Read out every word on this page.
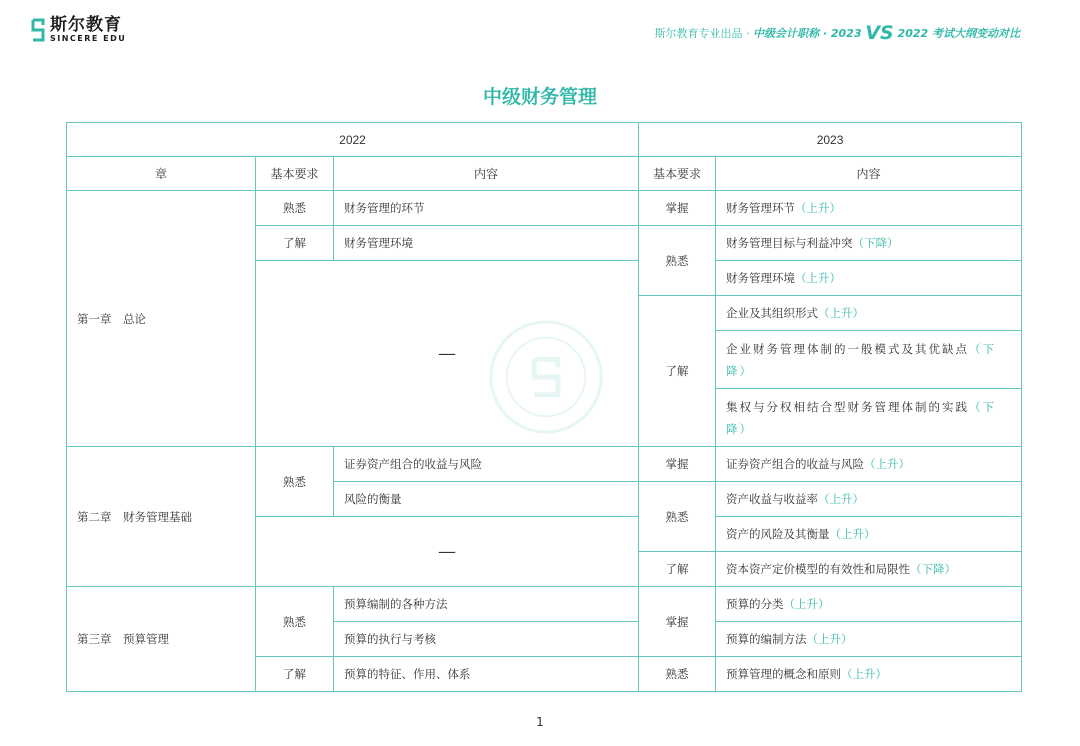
斯尔教育
SINCERE EDU	斯尔教育专业出品 · 中级会计职称 · 2023 VS 2022 考试大纲变动对比
中级财务管理
2022			2023	
章	基本要求	内容	基本要求	内容
第一章　总论	熟悉	财务管理的环节	掌握	财务管理环节（上升）
	了解	财务管理环境	熟悉	财务管理目标与利益冲突（下降）
	—			财务管理环境（上升）
			了解	企业及其组织形式（上升）
				企业财务管理体制的一般模式及其优缺点（下降）
				集权与分权相结合型财务管理体制的实践（下降）

第二章　财务管理基础	熟悉	证券资产组合的收益与风险	掌握	证券资产组合的收益与风险（上升）
		风险的衡量	熟悉	资产收益与收益率（上升）
	—			资产的风险及其衡量（上升）
			了解	资本资产定价模型的有效性和局限性（下降）
第三章　预算管理	熟悉	预算编制的各种方法	掌握	预算的分类（上升）
		预算的执行与考核		预算的编制方法（上升）
	了解	预算的特征、作用、体系	熟悉	预算管理的概念和原则（上升）
1
